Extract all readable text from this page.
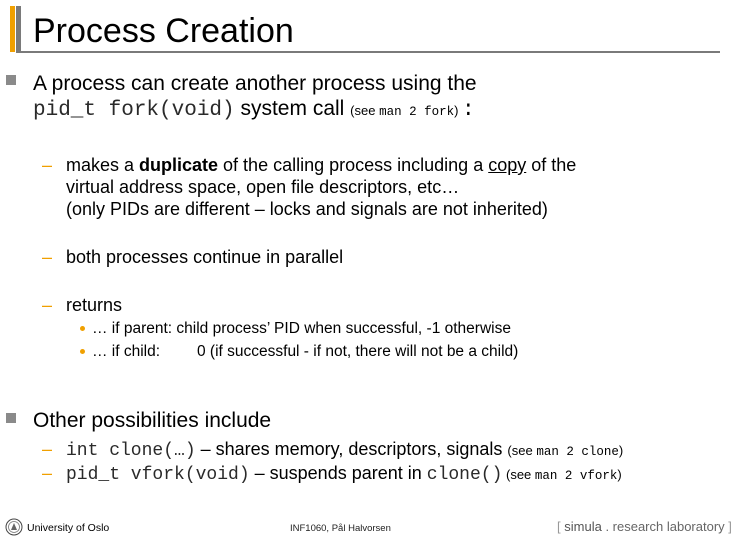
Process Creation
A process can create another process using the
pid_t fork(void) system call (see man 2 fork) :
– makes a duplicate of the calling process including a copy of the
virtual address space, open file descriptors, etc…
(only PIDs are different – locks and signals are not inherited)
– both processes continue in parallel
– returns
… if parent: child process’ PID when successful, -1 otherwise
… if child: 0 (if successful - if not, there will not be a child)
Other possibilities include
– int clone(…) – shares memory, descriptors, signals (see man 2 clone)
– pid_t vfork(void) – suspends parent in clone() (see man 2 vfork)
University of Oslo	INF1060, Pål Halvorsen	[ simula . research laboratory ]
